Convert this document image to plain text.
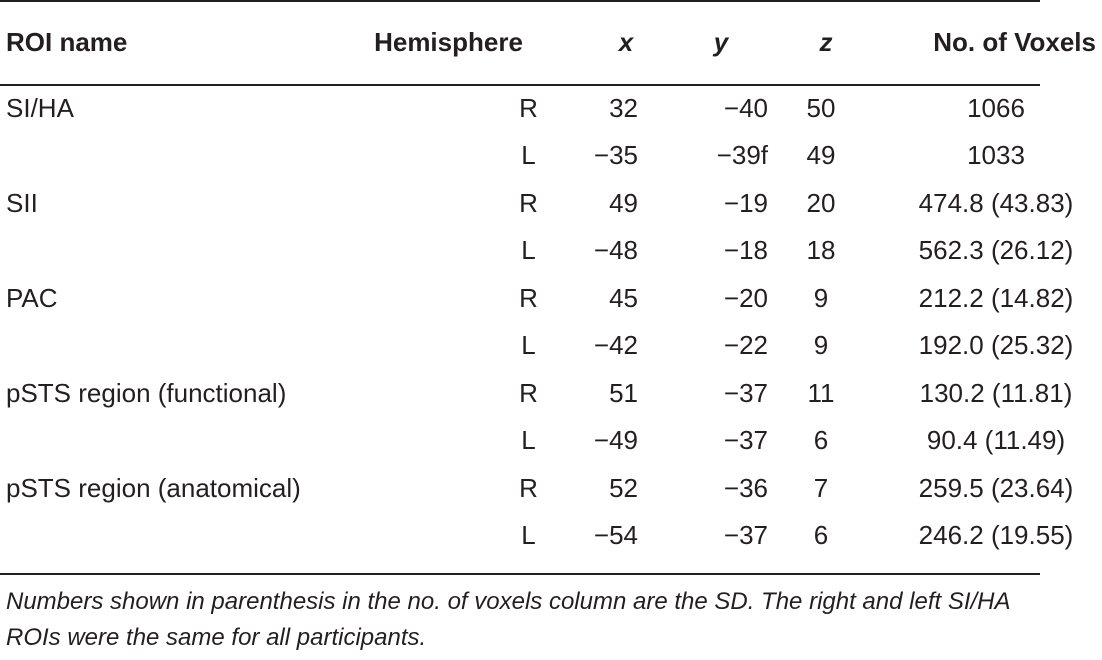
ROI name	Hemisphere	x	y	z	No. of Voxels
SI/HA	R	32	−40	50	1066
	L	−35	−39f	49	1033
SII	R	49	−19	20	474.8 (43.83)
	L	−48	−18	18	562.3 (26.12)
PAC	R	45	−20	9	212.2 (14.82)
	L	−42	−22	9	192.0 (25.32)
pSTS region (functional)	R	51	−37	11	130.2 (11.81)
	L	−49	−37	6	90.4 (11.49)
pSTS region (anatomical)	R	52	−36	7	259.5 (23.64)
	L	−54	−37	6	246.2 (19.55)
Numbers shown in parenthesis in the no. of voxels column are the SD. The right and left SI/HA ROIs were the same for all participants.
